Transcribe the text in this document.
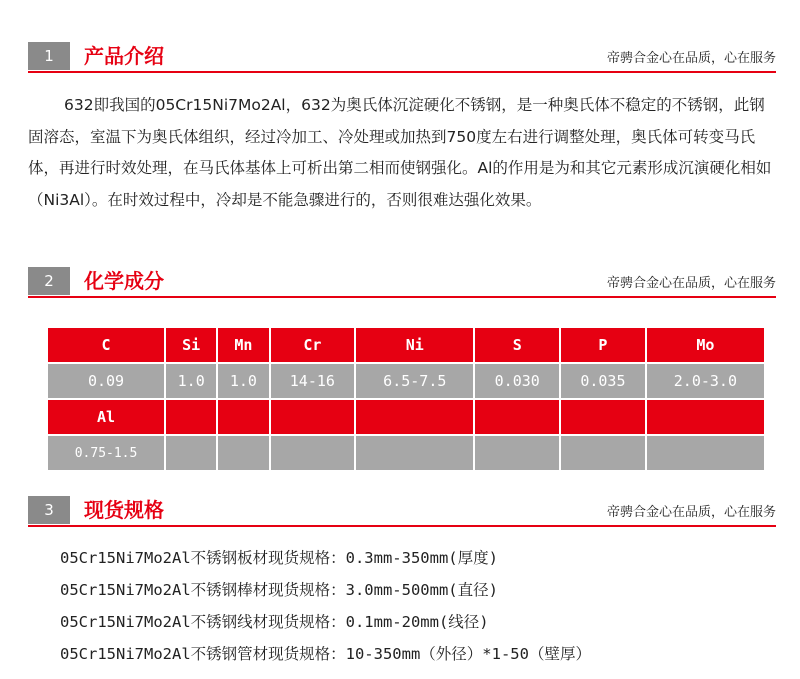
1	产品介绍	帝骋合金心在品质，心在服务

632即我国的05Cr15Ni7Mo2Al，632为奥氏体沉淀硬化不锈钢，是一种奥氏体不稳定的不锈钢，此钢固溶态，室温下为奥氏体组织，经过冷加工、冷处理或加热到750度左右进行调整处理，奥氏体可转变马氏体，再进行时效处理，在马氏体基体上可析出第二相而使钢强化。Al的作用是为和其它元素形成沉演硬化相如（Ni3Al）。在时效过程中，冷却是不能急骤进行的，否则很难达强化效果。

2	化学成分	帝骋合金心在品质，心在服务
C	Si	Mn	Cr	Ni	S	P	Mo
0.09	1.0	1.0	14-16	6.5-7.5	0.030	0.035	2.0-3.0
Al							
0.75-1.5							
3	现货规格	帝骋合金心在品质，心在服务
05Cr15Ni7Mo2Al不锈钢板材现货规格：0.3mm-350mm(厚度)
05Cr15Ni7Mo2Al不锈钢棒材现货规格：3.0mm-500mm(直径)
05Cr15Ni7Mo2Al不锈钢线材现货规格：0.1mm-20mm(线径)
05Cr15Ni7Mo2Al不锈钢管材现货规格：10-350mm（外径）*1-50（壁厚）
